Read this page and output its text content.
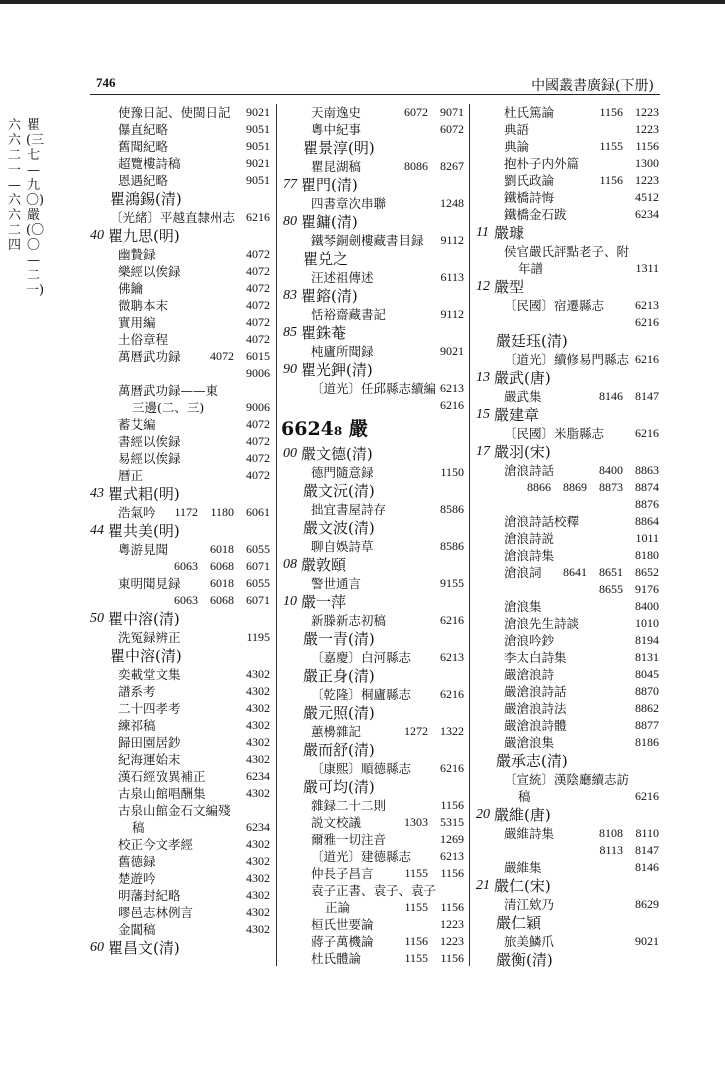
746	中國叢書廣録(下册)
六六二一—六六二四
瞿(三七—九〇)嚴(〇〇—二一)
使豫日記、使閩日記 9021
儤直紀略	9051
舊聞紀略	9051
超覽樓詩稿	9021
恩遇紀略	9051
瞿鴻錫(清)
〔光緒〕平越直隸州志 6216
40 瞿九思(明)
幽贄録	4072
樂經以俟録	4072
佛鑰	4072
微聃本末	4072
實用編	4072
土俗章程	4072
萬曆武功録 4072 6015
9006
萬曆武功録——東
三邊(二、三)	9006
蓄艾編	4072
書經以俟録	4072
易經以俟録	4072
曆正	4072
43 瞿式耜(明)
浩氣吟 1172 1180 6061
44 瞿共美(明)
粵游見聞	6018 6055
6063 6068 6071
東明聞見録 6018 6055
6063 6068 6071
50 瞿中溶(清)
洗冤録辨正	1195
瞿中溶(清)
奕載堂文集	4302
譜系考	4302
二十四孝考	4302
練祁稿	4302
歸田園居鈔	4302
紀海運始末	4302
漢石經攷異補正	6234
古泉山館唱酬集	4302
古泉山館金石文編殘
稿	6234
校正今文孝經	4302
舊德録	4302
楚遊吟	4302
明藩封紀略	4302
嘐邑志林例言	4302
金閶稿	4302
60 瞿昌文(清)
天南逸史	6072 9071
粵中紀事	6072
瞿景淳(明)
瞿昆湖稿	8086 8267
77 瞿門(清)
四書章次串聯	1248
80 瞿鏞(清)
鐵琴銅劍樓藏書目録 9112
瞿兑之
汪述祖傳述	6113
83 瞿鎔(清)
恬裕齋藏書記	9112
85 瞿銖菴
杶廬所聞録	9021
90 瞿光鉀(清)
〔道光〕任邱縣志續編 6213
6216
6624₈ 嚴
00 嚴文德(清)
德門隨意録	1150
嚴文沅(清)
拙宜書屋詩存	8586
嚴文波(清)
聊自娛詩草	8586
08 嚴敦頤
警世通言	9155
10 嚴一萍
新滕新志初稿	6216
嚴一青(清)
〔嘉慶〕白河縣志 6213
嚴正身(清)
〔乾隆〕桐廬縣志 6216
嚴元照(清)
蕙櫋雜記	1272 1322
嚴而舒(清)
〔康熙〕順德縣志 6216
嚴可均(清)
雜録二十二則	1156
説文校議	1303 5315
爾雅一切注音	1269
〔道光〕建德縣志 6213
仲長子昌言	1155 1156
袁子正書、袁子、袁子
正論	1155 1156
桓氏世要論	1223
蔣子萬機論	1156 1223
杜氏體論	1155 1156
杜氏篤論	1156 1223
典語	1223
典論	1155 1156
抱朴子内外篇	1300
劉氏政論	1156 1223
鐵橋詩悔	4512
鐵橋金石跋	6234
11 嚴璩
侯官嚴氏評點老子、附
年譜	1311
12 嚴型
〔民國〕宿遷縣志	6213
6216
嚴廷珏(清)
〔道光〕續修易門縣志 6216
13 嚴武(唐)
嚴武集	8146 8147
15 嚴建章
〔民國〕米脂縣志	6216
17 嚴羽(宋)
滄浪詩話	8400 8863
8866 8869 8873 8874
8876
滄浪詩話校釋	8864
滄浪詩説	1011
滄浪詩集	8180
滄浪詞 8641 8651 8652
8655 9176
滄浪集	8400
滄浪先生詩談	1010
滄浪吟鈔	8194
李太白詩集	8131
嚴滄浪詩	8045
嚴滄浪詩話	8870
嚴滄浪詩法	8862
嚴滄浪詩體	8877
嚴滄浪集	8186
嚴承志(清)
〔宣統〕漢陰廳續志訪
稿	6216
20 嚴維(唐)
嚴維詩集	8108 8110
8113 8147
嚴維集	8146
21 嚴仁(宋)
清江欸乃	8629
嚴仁穎
旅美鱗爪	9021
嚴衡(清)
